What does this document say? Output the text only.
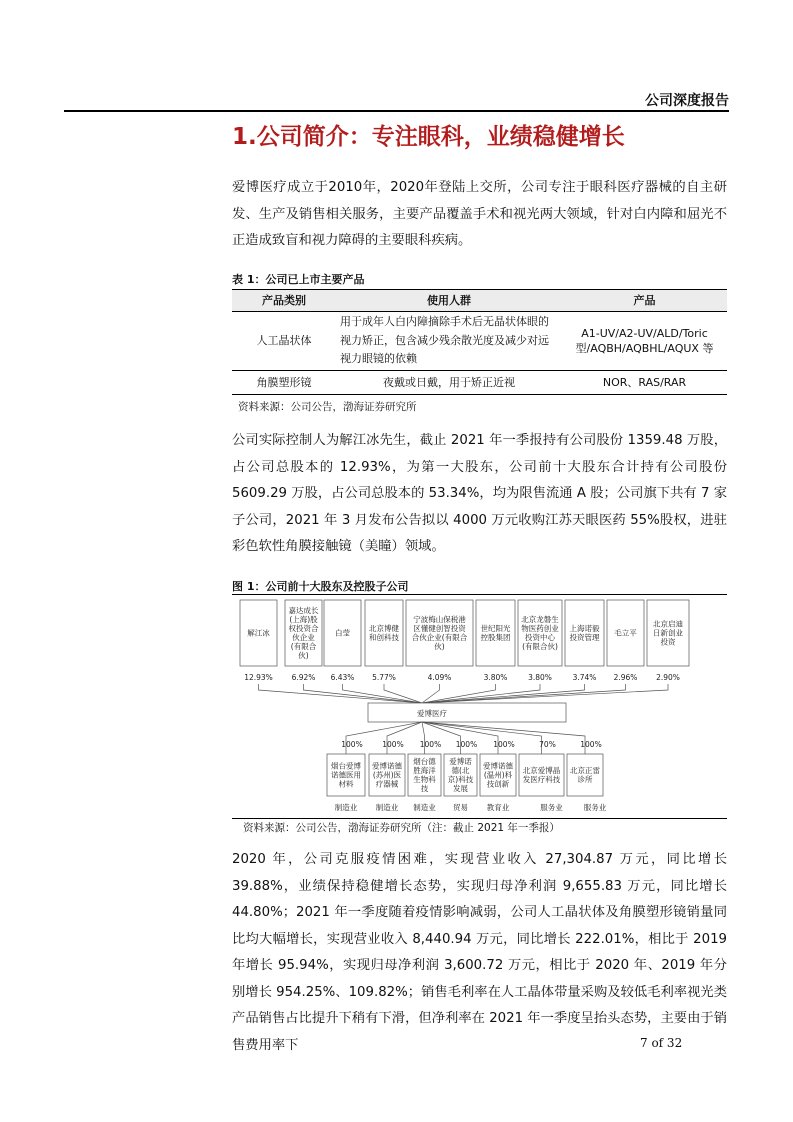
公司深度报告
1.公司简介：专注眼科，业绩稳健增长

爱博医疗成立于2010年，2020年登陆上交所，公司专注于眼科医疗器械的自主研发、生产及销售相关服务，主要产品覆盖手术和视光两大领域，针对白内障和屈光不正造成致盲和视力障碍的主要眼科疾病。

表 1：公司已上市主要产品
产品类别	使用人群	产品
人工晶状体	用于成年人白内障摘除手术后无晶状体眼的视力矫正，包含减少残余散光度及减少对远视力眼镜的依赖	A1-UV/A2-UV/ALD/Toric 型/AQBH/AQBHL/AQUX 等
角膜塑形镜	夜戴或日戴，用于矫正近视	NOR、RAS/RAR
资料来源：公司公告，渤海证券研究所

公司实际控制人为解江冰先生，截止 2021 年一季报持有公司股份 1359.48 万股，占公司总股本的 12.93%，为第一大股东，公司前十大股东合计持有公司股份5609.29 万股，占公司总股本的 53.34%，均为限售流通 A 股；公司旗下共有 7 家子公司，2021 年 3 月发布公告拟以 4000 万元收购江苏天眼医药 55%股权，进驻彩色软性角膜接触镜（美瞳）领域。

图 1：公司前十大股东及控股子公司
解江冰
12.93%
嘉达成长
(上海)股
权投资合
伙企业
(有限合
伙)
6.92%
白莹
6.43%
北京博健
和创科技
5.77%
宁波梅山保税港
区懂健创智投资
合伙企业(有限合
伙)
4.09%
世纪阳光
控股集团
3.80%
北京龙磐生
物医药创业
投资中心
(有限合伙)
3.80%
上海诺毅
投资管理
3.74%
毛立平
2.96%
北京启迪
日新创业
投资
2.90%
爱博医疗
100%
烟台爱博
诺德医用
材料
制造业
100%
爱博诺德
(苏州)医
疗器械
制造业
100%
烟台德
胜海洋
生物科
技
制造业
100%
爱博诺
德(北
京)科技
发展
贸易
100%
爱博诺德
(温州)科
技创新
教育业
70%
北京爱博晶
发医疗科技
服务业
100%
北京正雷
诊所
服务业
资料来源：公司公告，渤海证券研究所（注：截止 2021 年一季报）

2020 年，公司克服疫情困难，实现营业收入 27,304.87 万元，同比增长 39.88%，业绩保持稳健增长态势，实现归母净利润 9,655.83 万元，同比增长 44.80%；2021 年一季度随着疫情影响减弱，公司人工晶状体及角膜塑形镜销量同比均大幅增长，实现营业收入 8,440.94 万元，同比增长 222.01%，相比于 2019 年增长 95.94%，实现归母净利润 3,600.72 万元，相比于 2020 年、2019 年分别增长 954.25%、109.82%；销售毛利率在人工晶体带量采购及较低毛利率视光类产品销售占比提升下稍有下滑，但净利率在 2021 年一季度呈抬头态势，主要由于销售费用率下	7 of 32
